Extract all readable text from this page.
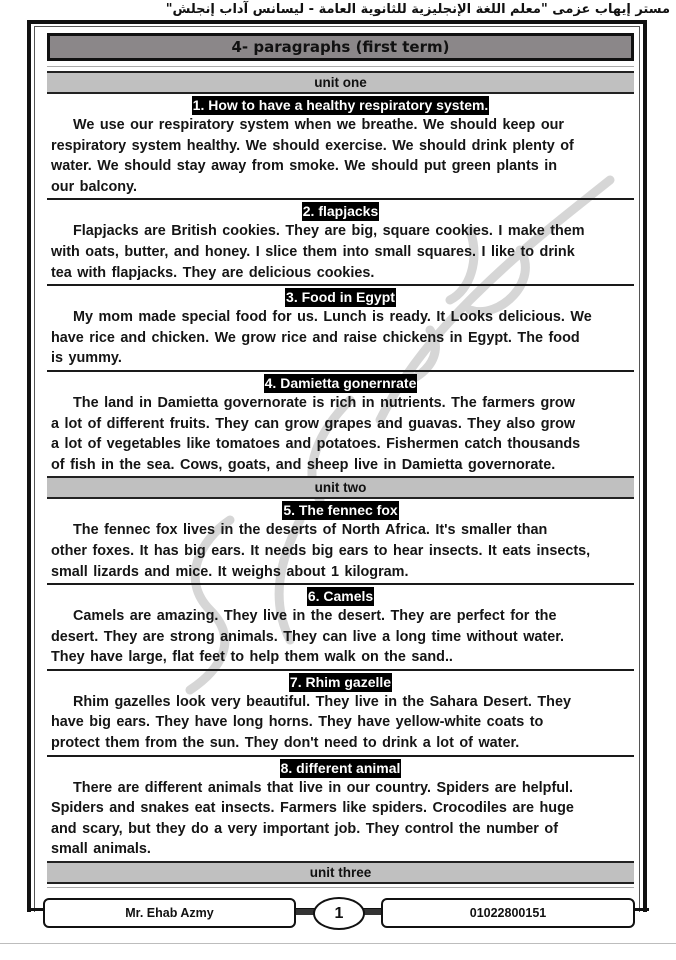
مستر إيهاب عزمى "معلم اللغة الإنجليزية للثانوية العامة - ليسانس آداب إنجلش"
4- paragraphs (first term)
unit one
1. How to have a healthy respiratory system.
We use our respiratory system when we breathe. We should keep our
respiratory system healthy. We should exercise. We should drink plenty of
water. We should stay away from smoke. We should put green plants in
our balcony.
2. flapjacks
Flapjacks are British cookies. They are big, square cookies. I make them
with oats, butter, and honey. I slice them into small squares. I like to drink
tea with flapjacks. They are delicious cookies.
3. Food in Egypt
My mom made special food for us. Lunch is ready. It Looks delicious. We
have rice and chicken. We grow rice and raise chickens in Egypt. The food
is yummy.
4. Damietta gonernrate
The land in Damietta governorate is rich in nutrients. The farmers grow
a lot of different fruits. They can grow grapes and guavas. They also grow
a lot of vegetables like tomatoes and potatoes. Fishermen catch thousands
of fish in the sea. Cows, goats, and sheep live in Damietta governorate.
unit two
5. The fennec fox
The fennec fox lives in the deserts of North Africa. It's smaller than
other foxes. It has big ears. It needs big ears to hear insects. It eats insects,
small lizards and mice. It weighs about 1 kilogram.
6. Camels
Camels are amazing. They live in the desert. They are perfect for the
desert. They are strong animals. They can live a long time without water.
They have large, flat feet to help them walk on the sand..
7. Rhim gazelle
Rhim gazelles look very beautiful. They live in the Sahara Desert. They
have big ears. They have long horns. They have yellow-white coats to
protect them from the sun. They don't need to drink a lot of water.
8. different animal
There are different animals that live in our country. Spiders are helpful.
Spiders and snakes eat insects. Farmers like spiders. Crocodiles are huge
and scary, but they do a very important job. They control the number of
small animals.
unit three
Mr. Ehab Azmy	1	01022800151
